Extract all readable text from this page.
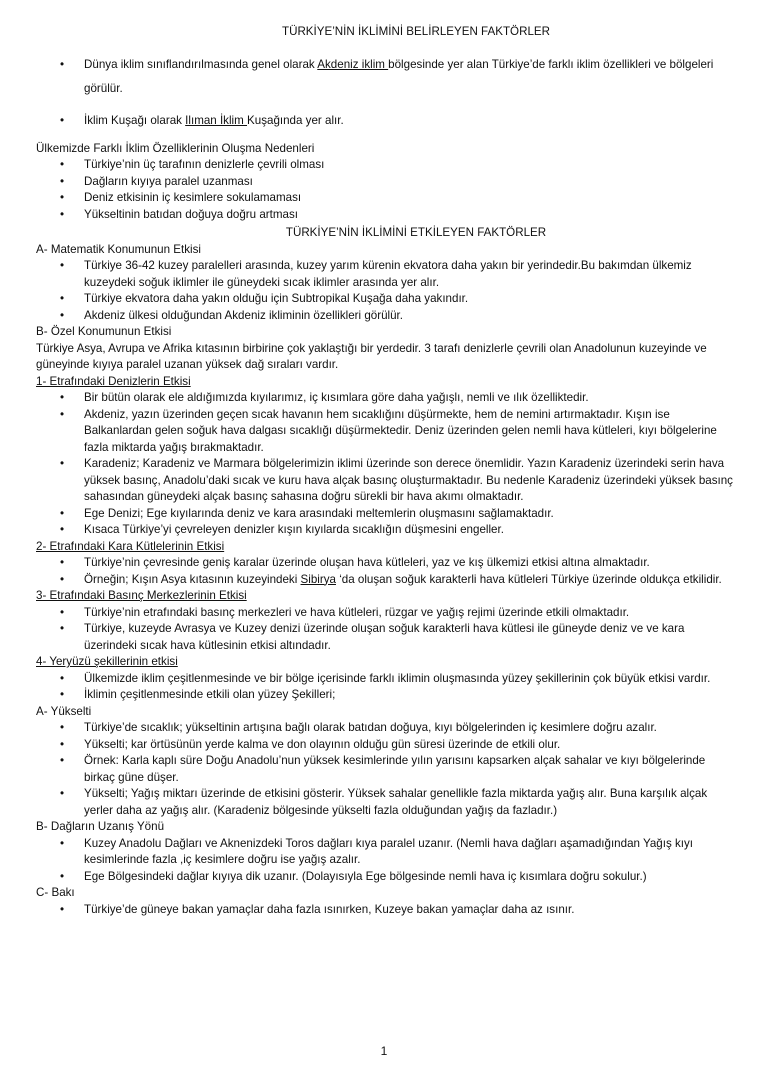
TÜRKİYE’NİN İKLİMİNİ BELİRLEYEN FAKTÖRLER

• Dünya iklim sınıflandırılmasında genel olarak Akdeniz iklim bölgesinde yer alan Türkiye’de farklı iklim özellikleri ve bölgeleri görülür.
• İklim Kuşağı olarak Ilıman İklim Kuşağında yer alır.

Ülkemizde Farklı İklim Özelliklerinin Oluşma Nedenleri

• Türkiye’nin üç tarafının denizlerle çevrili olması
• Dağların kıyıya paralel uzanması
• Deniz etkisinin iç kesimlere sokulamaması
• Yükseltinin batıdan doğuya doğru artması

TÜRKİYE’NİN İKLİMİNİ ETKİLEYEN FAKTÖRLER

A- Matematik Konumunun Etkisi

• Türkiye 36-42 kuzey paralelleri arasında, kuzey yarım kürenin ekvatora daha yakın bir yerindedir.Bu bakımdan ülkemiz kuzeydeki soğuk iklimler ile güneydeki sıcak iklimler arasında yer alır.
• Türkiye ekvatora daha yakın olduğu için Subtropikal Kuşağa daha yakındır.
• Akdeniz ülkesi olduğundan Akdeniz ikliminin özellikleri görülür.

B- Özel Konumunun Etkisi

Türkiye Asya, Avrupa ve Afrika kıtasının birbirine çok yaklaştığı bir yerdedir. 3 tarafı denizlerle çevrili olan Anadolunun kuzeyinde ve güneyinde kıyıya paralel uzanan yüksek dağ sıraları vardır.

1- Etrafındaki Denizlerin Etkisi

• Bir bütün olarak ele aldığımızda kıyılarımız, iç kısımlara göre daha yağışlı, nemli ve ılık özelliktedir.
• Akdeniz, yazın üzerinden geçen sıcak havanın hem sıcaklığını düşürmekte, hem de nemini artırmaktadır. Kışın ise Balkanlardan gelen soğuk hava dalgası sıcaklığı düşürmektedir. Deniz üzerinden gelen nemli hava kütleleri, kıyı bölgelerine fazla miktarda yağış bırakmaktadır.
• Karadeniz; Karadeniz ve Marmara bölgelerimizin iklimi üzerinde son derece önemlidir. Yazın Karadeniz üzerindeki serin hava yüksek basınç, Anadolu’daki sıcak ve kuru hava alçak basınç oluşturmaktadır. Bu nedenle Karadeniz üzerindeki yüksek basınç sahasından güneydeki alçak basınç sahasına doğru sürekli bir hava akımı olmaktadır.
• Ege Denizi; Ege kıyılarında deniz ve kara arasındaki meltemlerin oluşmasını sağlamaktadır.
• Kısaca Türkiye’yi çevreleyen denizler kışın kıyılarda sıcaklığın düşmesini engeller.

2- Etrafındaki Kara Kütlelerinin Etkisi

• Türkiye’nin çevresinde geniş karalar üzerinde oluşan hava kütleleri, yaz ve kış ülkemizi etkisi altına almaktadır.
• Örneğin; Kışın Asya kıtasının kuzeyindeki Sibirya ‘da oluşan soğuk karakterli hava kütleleri Türkiye üzerinde oldukça etkilidir.

3- Etrafındaki Basınç Merkezlerinin Etkisi

• Türkiye’nin etrafındaki basınç merkezleri ve hava kütleleri, rüzgar ve yağış rejimi üzerinde etkili olmaktadır.
• Türkiye, kuzeyde Avrasya ve Kuzey denizi üzerinde oluşan soğuk karakterli hava kütlesi ile güneyde deniz ve ve kara üzerindeki sıcak hava kütlesinin etkisi altındadır.

4- Yeryüzü şekillerinin etkisi

• Ülkemizde iklim çeşitlenmesinde ve bir bölge içerisinde farklı iklimin oluşmasında yüzey şekillerinin çok büyük etkisi vardır.
• İklimin çeşitlenmesinde etkili olan yüzey Şekilleri;

A- Yükselti

• Türkiye’de sıcaklık; yükseltinin artışına bağlı olarak batıdan doğuya, kıyı bölgelerinden iç kesimlere doğru azalır.
• Yükselti; kar örtüsünün yerde kalma ve don olayının olduğu gün süresi üzerinde de etkili olur.
• Örnek: Karla kaplı süre Doğu Anadolu’nun yüksek kesimlerinde yılın yarısını kapsarken alçak sahalar ve kıyı bölgelerinde birkaç güne düşer.
• Yükselti; Yağış miktarı üzerinde de etkisini gösterir. Yüksek sahalar genellikle fazla miktarda yağış alır. Buna karşılık alçak yerler daha az yağış alır. (Karadeniz bölgesinde yükselti fazla olduğundan yağış da fazladır.)

B- Dağların Uzanış Yönü

• Kuzey Anadolu Dağları ve Aknenizdeki Toros dağları kıya paralel uzanır. (Nemli hava dağları aşamadığından Yağış kıyı kesimlerinde fazla ,iç kesimlere doğru ise yağış azalır.
• Ege Bölgesindeki dağlar kıyıya dik uzanır. (Dolayısıyla Ege bölgesinde nemli hava iç kısımlara doğru sokulur.)

C- Bakı

• Türkiye’de güneye bakan yamaçlar daha fazla ısınırken, Kuzeye bakan yamaçlar daha az ısınır.
1
